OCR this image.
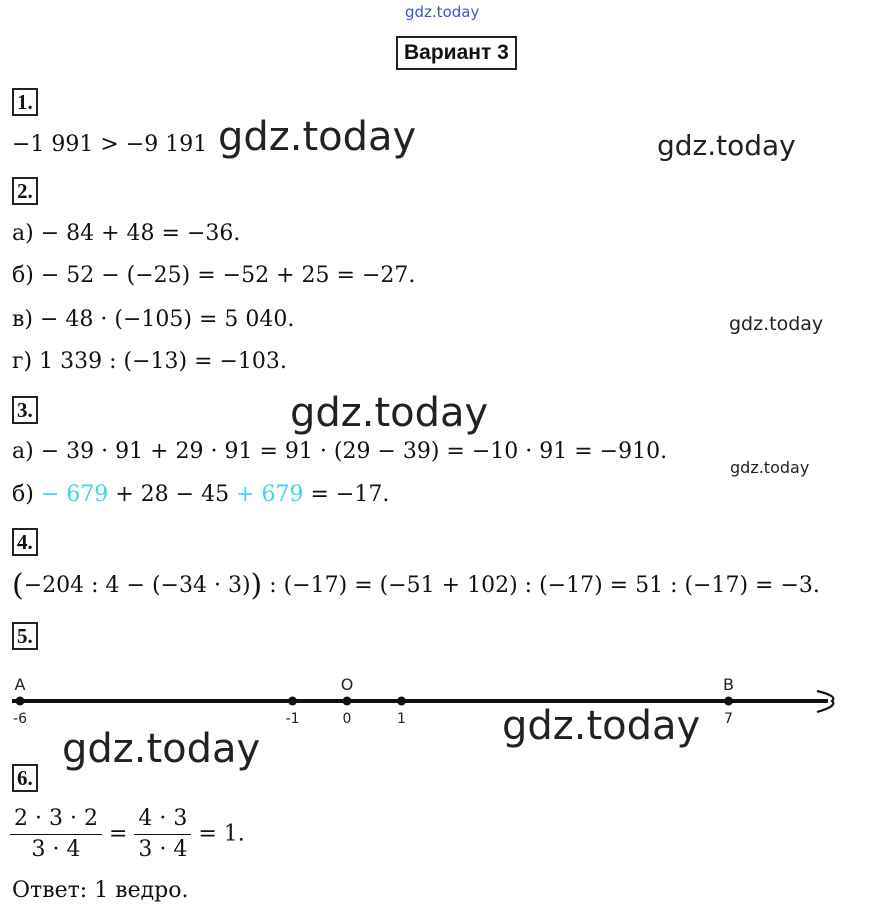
gdz.today
gdz.today	gdz.today
gdz.today
gdz.today
gdz.today
gdz.today	gdz.today
Вариант 3
1.
−1 991 > −9 191
2.
а) − 84 + 48 = −36.
б) − 52 − (−25) = −52 + 25 = −27.
в) − 48 · (−105) = 5 040.
г) 1 339 : (−13) = −103.
3.
а) − 39 · 91 + 29 · 91 = 91 · (29 − 39) = −10 · 91 = −910.
б) − 679 + 28 − 45 + 679 = −17.
4.
(−204 : 4 − (−34 · 3)) : (−17) = (−51 + 102) : (−17) = 51 : (−17) = −3.
5.
-6
A
-1	0
O
1	7
B
6.
$\frac{2 \cdot 3 \cdot 2}{3 \cdot 4} = \frac{4 \cdot 3}{3 \cdot 4} = 1$.
Ответ: 1 ведро.
